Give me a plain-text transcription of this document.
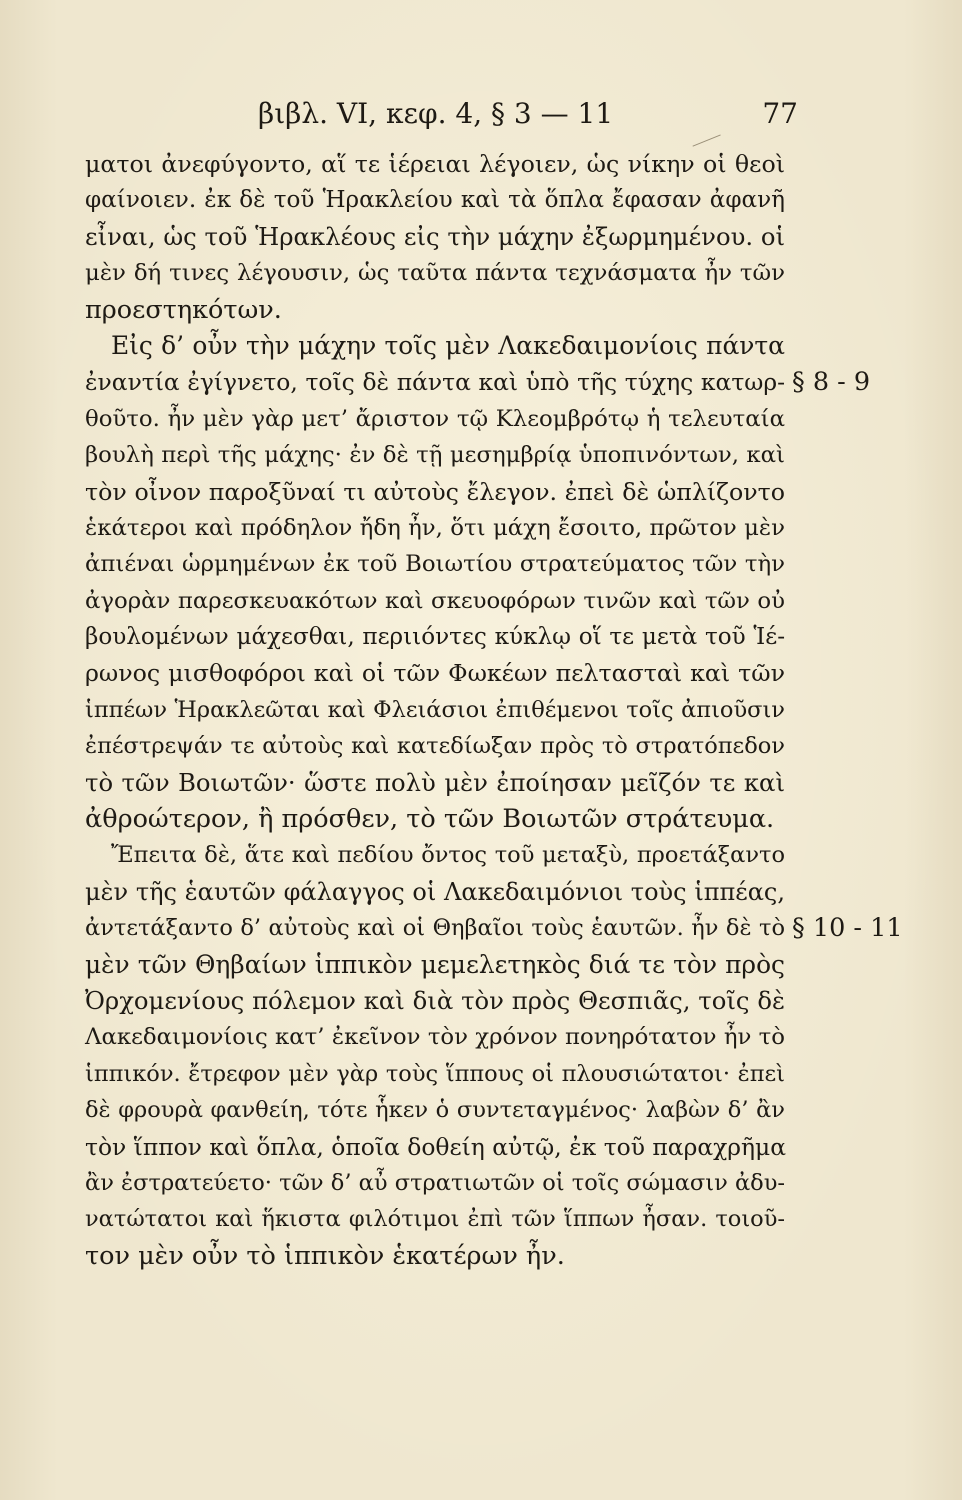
βιβλ. VI, κεφ. 4, § 3 — 11	77
ματοι ἀνεφύγοντο, αἵ τε ἱέρειαι λέγοιεν, ὡς νίκην οἱ θεοὶ
φαίνοιεν. ἐκ δὲ τοῦ Ἡρακλείου καὶ τὰ ὅπλα ἔφασαν ἀφανῆ
εἶναι, ὡς τοῦ Ἡρακλέους εἰς τὴν μάχην ἐξωρμημένου. οἱ
μὲν δή τινες λέγουσιν, ὡς ταῦτα πάντα τεχνάσματα ἦν τῶν
προεστηκότων.
Εἰς δ’ οὖν τὴν μάχην τοῖς μὲν Λακεδαιμονίοις πάντα
ἐναντία ἐγίγνετο, τοῖς δὲ πάντα καὶ ὑπὸ τῆς τύχης κατωρ-
θοῦτο. ἦν μὲν γὰρ μετ’ ἄριστον τῷ Κλεομβρότῳ ἡ τελευταία
βουλὴ περὶ τῆς μάχης· ἐν δὲ τῇ μεσημβρίᾳ ὑποπινόντων, καὶ
τὸν οἶνον παροξῦναί τι αὐτοὺς ἔλεγον. ἐπεὶ δὲ ὡπλίζοντο
ἑκάτεροι καὶ πρόδηλον ἤδη ἦν, ὅτι μάχη ἔσοιτο, πρῶτον μὲν
ἀπιέναι ὡρμημένων ἐκ τοῦ Βοιωτίου στρατεύματος τῶν τὴν
ἀγορὰν παρεσκευακότων καὶ σκευοφόρων τινῶν καὶ τῶν οὐ
βουλομένων μάχεσθαι, περιιόντες κύκλῳ οἵ τε μετὰ τοῦ Ἱέ-
ρωνος μισθοφόροι καὶ οἱ τῶν Φωκέων πελτασταὶ καὶ τῶν
ἱππέων Ἡρακλεῶται καὶ Φλειάσιοι ἐπιθέμενοι τοῖς ἀπιοῦσιν
ἐπέστρεψάν τε αὐτοὺς καὶ κατεδίωξαν πρὸς τὸ στρατόπεδον
τὸ τῶν Βοιωτῶν· ὥστε πολὺ μὲν ἐποίησαν μεῖζόν τε καὶ
ἀθροώτερον, ἢ πρόσθεν, τὸ τῶν Βοιωτῶν στράτευμα.
Ἔπειτα δὲ, ἅτε καὶ πεδίου ὄντος τοῦ μεταξὺ, προετάξαντο
μὲν τῆς ἑαυτῶν φάλαγγος οἱ Λακεδαιμόνιοι τοὺς ἱππέας,
ἀντετάξαντο δ’ αὐτοὺς καὶ οἱ Θηβαῖοι τοὺς ἑαυτῶν. ἦν δὲ τὸ
μὲν τῶν Θηβαίων ἱππικὸν μεμελετηκὸς διά τε τὸν πρὸς
Ὀρχομενίους πόλεμον καὶ διὰ τὸν πρὸς Θεσπιᾶς, τοῖς δὲ
Λακεδαιμονίοις κατ’ ἐκεῖνον τὸν χρόνον πονηρότατον ἦν τὸ
ἱππικόν. ἔτρεφον μὲν γὰρ τοὺς ἵππους οἱ πλουσιώτατοι· ἐπεὶ
δὲ φρουρὰ φανθείη, τότε ἧκεν ὁ συντεταγμένος· λαβὼν δ’ ἂν
τὸν ἵππον καὶ ὅπλα, ὁποῖα δοθείη αὐτῷ, ἐκ τοῦ παραχρῆμα
ἂν ἐστρατεύετο· τῶν δ’ αὖ στρατιωτῶν οἱ τοῖς σώμασιν ἀδυ-
νατώτατοι καὶ ἥκιστα φιλότιμοι ἐπὶ τῶν ἵππων ἦσαν. τοιοῦ-
τον μὲν οὖν τὸ ἱππικὸν ἑκατέρων ἦν.
§ 8 - 9
§ 10 - 11
